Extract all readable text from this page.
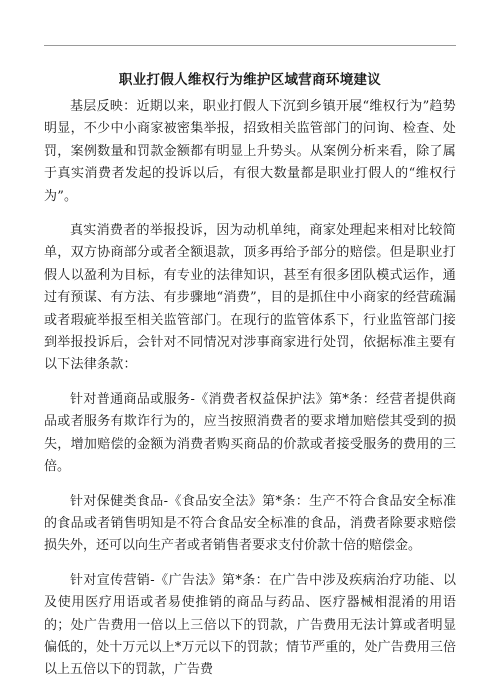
职业打假人维权行为维护区域营商环境建议

基层反映：近期以来，职业打假人下沉到乡镇开展“维权行为”趋势明显，不少中小商家被密集举报，招致相关监管部门的问询、检查、处罚，案例数量和罚款金额都有明显上升势头。从案例分析来看，除了属于真实消费者发起的投诉以后，有很大数量都是职业打假人的“维权行为”。

真实消费者的举报投诉，因为动机单纯，商家处理起来相对比较简单，双方协商部分或者全额退款，顶多再给予部分的赔偿。但是职业打假人以盈利为目标，有专业的法律知识，甚至有很多团队模式运作，通过有预谋、有方法、有步骤地“消费”，目的是抓住中小商家的经营疏漏或者瑕疵举报至相关监管部门。在现行的监管体系下，行业监管部门接到举报投诉后，会针对不同情况对涉事商家进行处罚，依据标准主要有以下法律条款：

针对普通商品或服务-《消费者权益保护法》第*条：经营者提供商品或者服务有欺诈行为的，应当按照消费者的要求增加赔偿其受到的损失，增加赔偿的金额为消费者购买商品的价款或者接受服务的费用的三倍。

针对保健类食品-《食品安全法》第*条：生产不符合食品安全标准的食品或者销售明知是不符合食品安全标准的食品，消费者除要求赔偿损失外，还可以向生产者或者销售者要求支付价款十倍的赔偿金。

针对宣传营销-《广告法》第*条：在广告中涉及疾病治疗功能、以及使用医疗用语或者易使推销的商品与药品、医疗器械相混淆的用语的；处广告费用一倍以上三倍以下的罚款，广告费用无法计算或者明显偏低的，处十万元以上*万元以下的罚款；情节严重的，处广告费用三倍以上五倍以下的罚款，广告费
